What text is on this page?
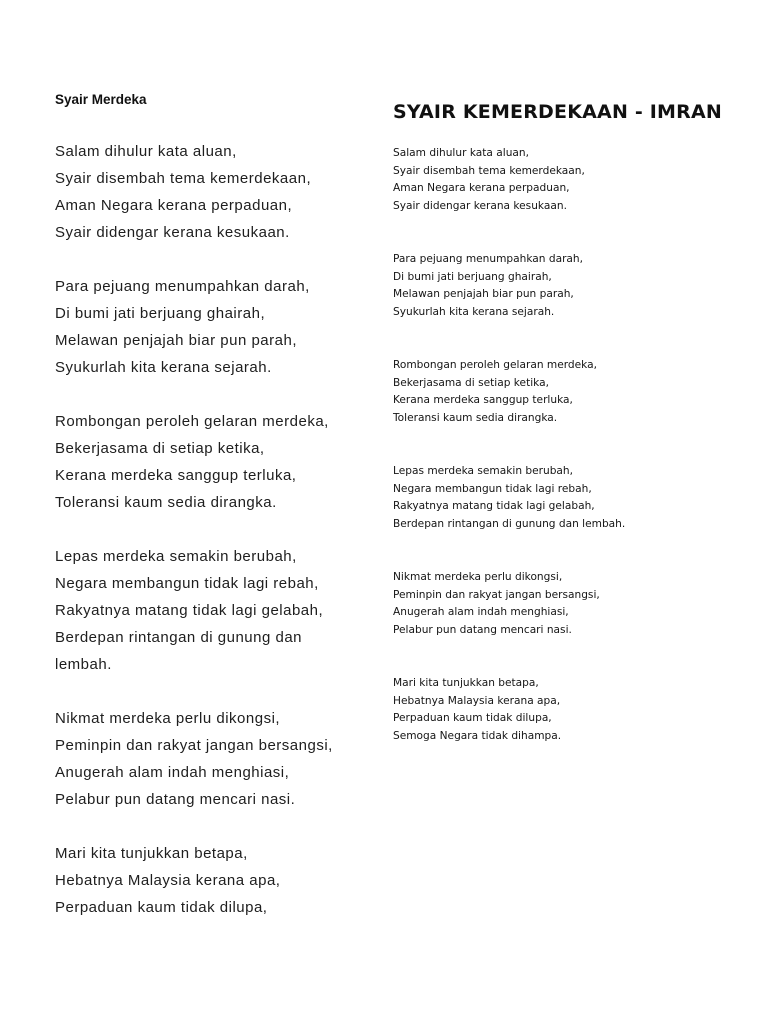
Syair Merdeka
Salam dihulur kata aluan,
Syair disembah tema kemerdekaan,
Aman Negara kerana perpaduan,
Syair didengar kerana kesukaan.
Para pejuang menumpahkan darah,
Di bumi jati berjuang ghairah,
Melawan penjajah biar pun parah,
Syukurlah kita kerana sejarah.
Rombongan peroleh gelaran merdeka,
Bekerjasama di setiap ketika,
Kerana merdeka sanggup terluka,
Toleransi kaum sedia dirangka.
Lepas merdeka semakin berubah,
Negara membangun tidak lagi rebah,
Rakyatnya matang tidak lagi gelabah,
Berdepan rintangan di gunung dan
lembah.
Nikmat merdeka perlu dikongsi,
Peminpin dan rakyat jangan bersangsi,
Anugerah alam indah menghiasi,
Pelabur pun datang mencari nasi.
Mari kita tunjukkan betapa,
Hebatnya Malaysia kerana apa,
Perpaduan kaum tidak dilupa,
SYAIR KEMERDEKAAN - IMRAN
Salam dihulur kata aluan,
Syair disembah tema kemerdekaan,
Aman Negara kerana perpaduan,
Syair didengar kerana kesukaan.
Para pejuang menumpahkan darah,
Di bumi jati berjuang ghairah,
Melawan penjajah biar pun parah,
Syukurlah kita kerana sejarah.
Rombongan peroleh gelaran merdeka,
Bekerjasama di setiap ketika,
Kerana merdeka sanggup terluka,
Toleransi kaum sedia dirangka.
Lepas merdeka semakin berubah,
Negara membangun tidak lagi rebah,
Rakyatnya matang tidak lagi gelabah,
Berdepan rintangan di gunung dan lembah.
Nikmat merdeka perlu dikongsi,
Peminpin dan rakyat jangan bersangsi,
Anugerah alam indah menghiasi,
Pelabur pun datang mencari nasi.
Mari kita tunjukkan betapa,
Hebatnya Malaysia kerana apa,
Perpaduan kaum tidak dilupa,
Semoga Negara tidak dihampa.
